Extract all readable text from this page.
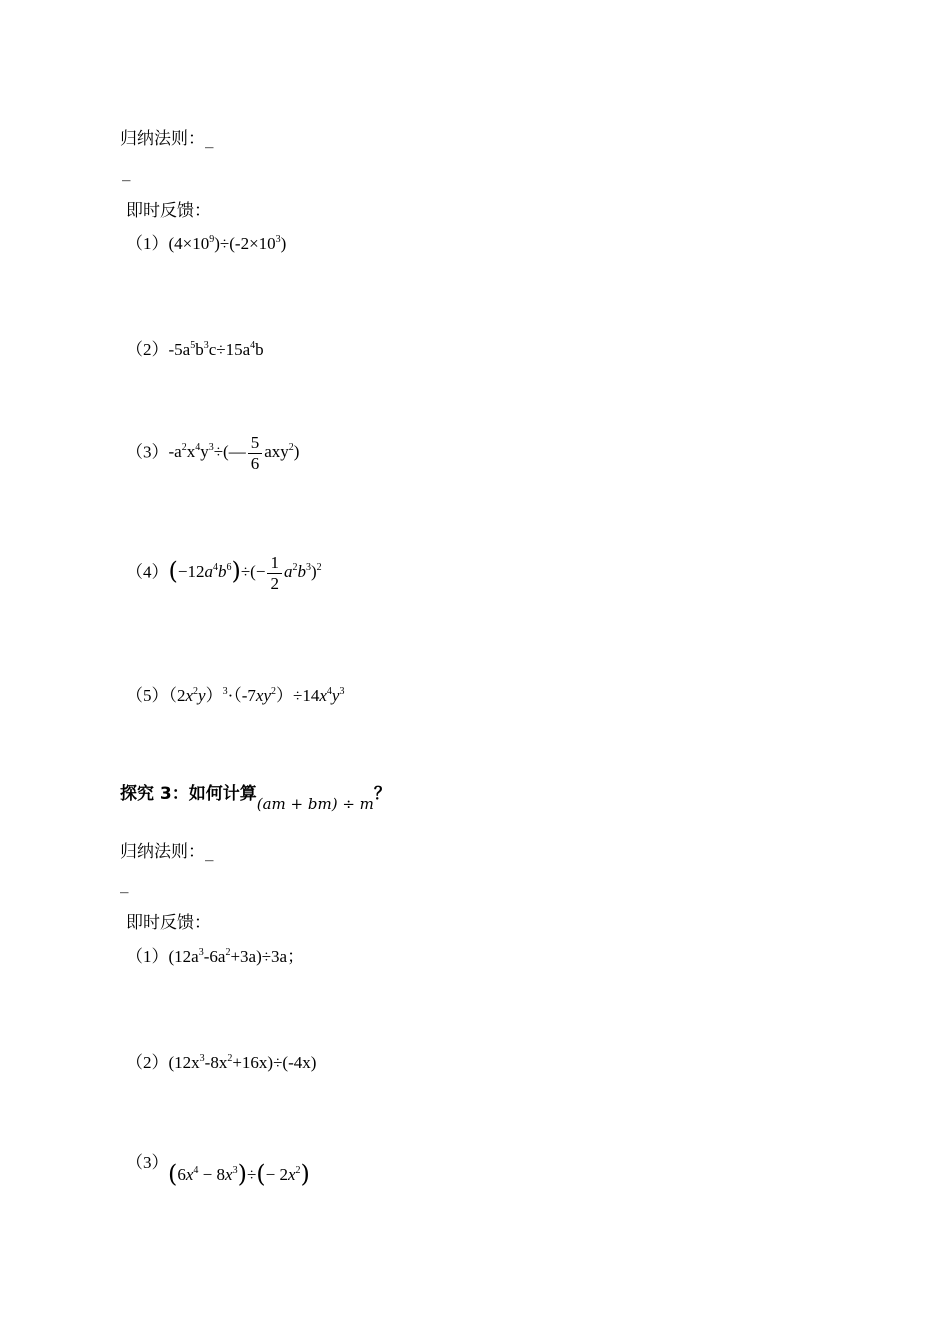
归纳法则：_
_
即时反馈：
$(1)(4\times 10^9)\div(-2\times 10^3)$
$(2)-5a^5b^3c\div 15a^4b$
$(3)-a^2x^4y^3\div(— \frac{5}{6} axy^2)$
$(4)(-12a^4b^6)\div(- \frac{1}{2} a^2b^3)^2$
$(5)(2x^2y)^3\cdot(-7xy^2)\div 14x^4y^3$
探究 3：如何计算(am + bm) ÷ m？
归纳法则：_
_
即时反馈：
$(1)(12a^3-6a^2+3a)\div 3a$；
$(2)(12x^3-8x^2+16x)\div(-4x)$
（3） $(6x^4 - 8x^3)\div(- 2x^2)$
